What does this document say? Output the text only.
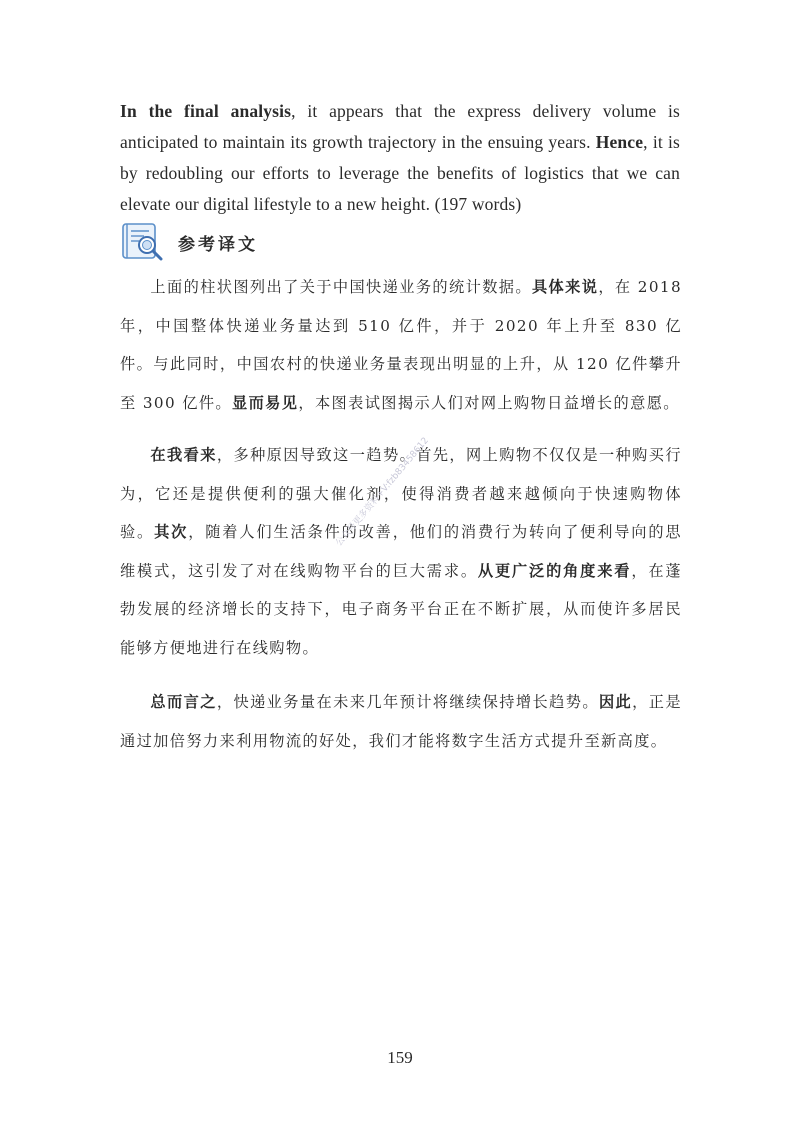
In the final analysis, it appears that the express delivery volume is anticipated to maintain its growth trajectory in the ensuing years. Hence, it is by redoubling our efforts to leverage the benefits of logistics that we can elevate our digital lifestyle to a new height. (197 words)

参考译文

上面的柱状图列出了关于中国快递业务的统计数据。具体来说，在 2018 年，中国整体快递业务量达到 510 亿件，并于 2020 年上升至 830 亿件。与此同时，中国农村的快递业务量表现出明显的上升，从 120 亿件攀升至 300 亿件。显而易见，本图表试图揭示人们对网上购物日益增长的意愿。

在我看来，多种原因导致这一趋势。首先，网上购物不仅仅是一种购买行为，它还是提供便利的强大催化剂，使得消费者越来越倾向于快速购物体验。其次，随着人们生活条件的改善，他们的消费行为转向了便利导向的思维模式，这引发了对在线购物平台的巨大需求。从更广泛的角度来看，在蓬勃发展的经济增长的支持下，电子商务平台正在不断扩展，从而使许多居民能够方便地进行在线购物。

总而言之，快递业务量在未来几年预计将继续保持增长趋势。因此，正是通过加倍努力来利用物流的好处，我们才能将数字生活方式提升至新高度。

公众号更多资料+V:fzb83458612
159
